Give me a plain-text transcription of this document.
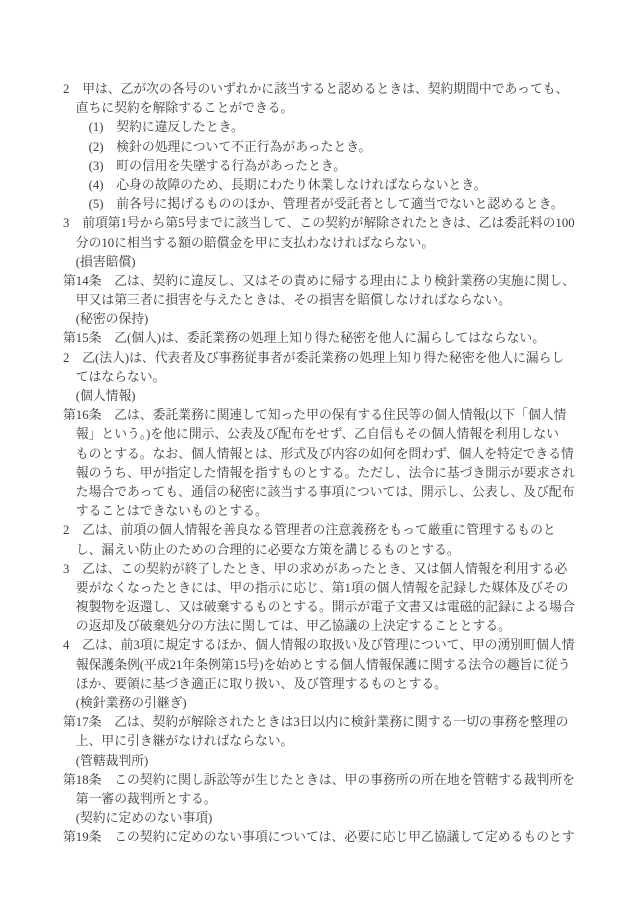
2　甲は、乙が次の各号のいずれかに該当すると認めるときは、契約期間中であっても、
直ちに契約を解除することができる。
(1)　契約に違反したとき。
(2)　検針の処理について不正行為があったとき。
(3)　町の信用を失墜する行為があったとき。
(4)　心身の故障のため、長期にわたり休業しなければならないとき。
(5)　前各号に掲げるもののほか、管理者が受託者として適当でないと認めるとき。
3　前項第1号から第5号までに該当して、この契約が解除されたときは、乙は委託料の100
分の10に相当する額の賠償金を甲に支払わなければならない。
(損害賠償)
第14条　乙は、契約に違反し、又はその責めに帰する理由により検針業務の実施に関し、
甲又は第三者に損害を与えたときは、その損害を賠償しなければならない。
(秘密の保持)
第15条　乙(個人)は、委託業務の処理上知り得た秘密を他人に漏らしてはならない。
2　乙(法人)は、代表者及び事務従事者が委託業務の処理上知り得た秘密を他人に漏らし
てはならない。
(個人情報)
第16条　乙は、委託業務に関連して知った甲の保有する住民等の個人情報(以下「個人情
報」という。)を他に開示、公表及び配布をせず、乙自信もその個人情報を利用しない
ものとする。なお、個人情報とは、形式及び内容の如何を問わず、個人を特定できる情
報のうち、甲が指定した情報を指すものとする。ただし、法令に基づき開示が要求され
た場合であっても、通信の秘密に該当する事項については、開示し、公表し、及び配布
することはできないものとする。
2　乙は、前項の個人情報を善良なる管理者の注意義務をもって厳重に管理するものと
し、漏えい防止のための合理的に必要な方策を講じるものとする。
3　乙は、この契約が終了したとき、甲の求めがあったとき、又は個人情報を利用する必
要がなくなったときには、甲の指示に応じ、第1項の個人情報を記録した媒体及びその
複製物を返還し、又は破棄するものとする。開示が電子文書又は電磁的記録による場合
の返却及び破棄処分の方法に関しては、甲乙協議の上決定することとする。
4　乙は、前3項に規定するほか、個人情報の取扱い及び管理について、甲の湧別町個人情
報保護条例(平成21年条例第15号)を始めとする個人情報保護に関する法令の趣旨に従う
ほか、要領に基づき適正に取り扱い、及び管理するものとする。
(検針業務の引継ぎ)
第17条　乙は、契約が解除されたときは3日以内に検針業務に関する一切の事務を整理の
上、甲に引き継がなければならない。
(管轄裁判所)
第18条　この契約に関し訴訟等が生じたときは、甲の事務所の所在地を管轄する裁判所を
第一審の裁判所とする。
(契約に定めのない事項)
第19条　この契約に定めのない事項については、必要に応じ甲乙協議して定めるものとす
